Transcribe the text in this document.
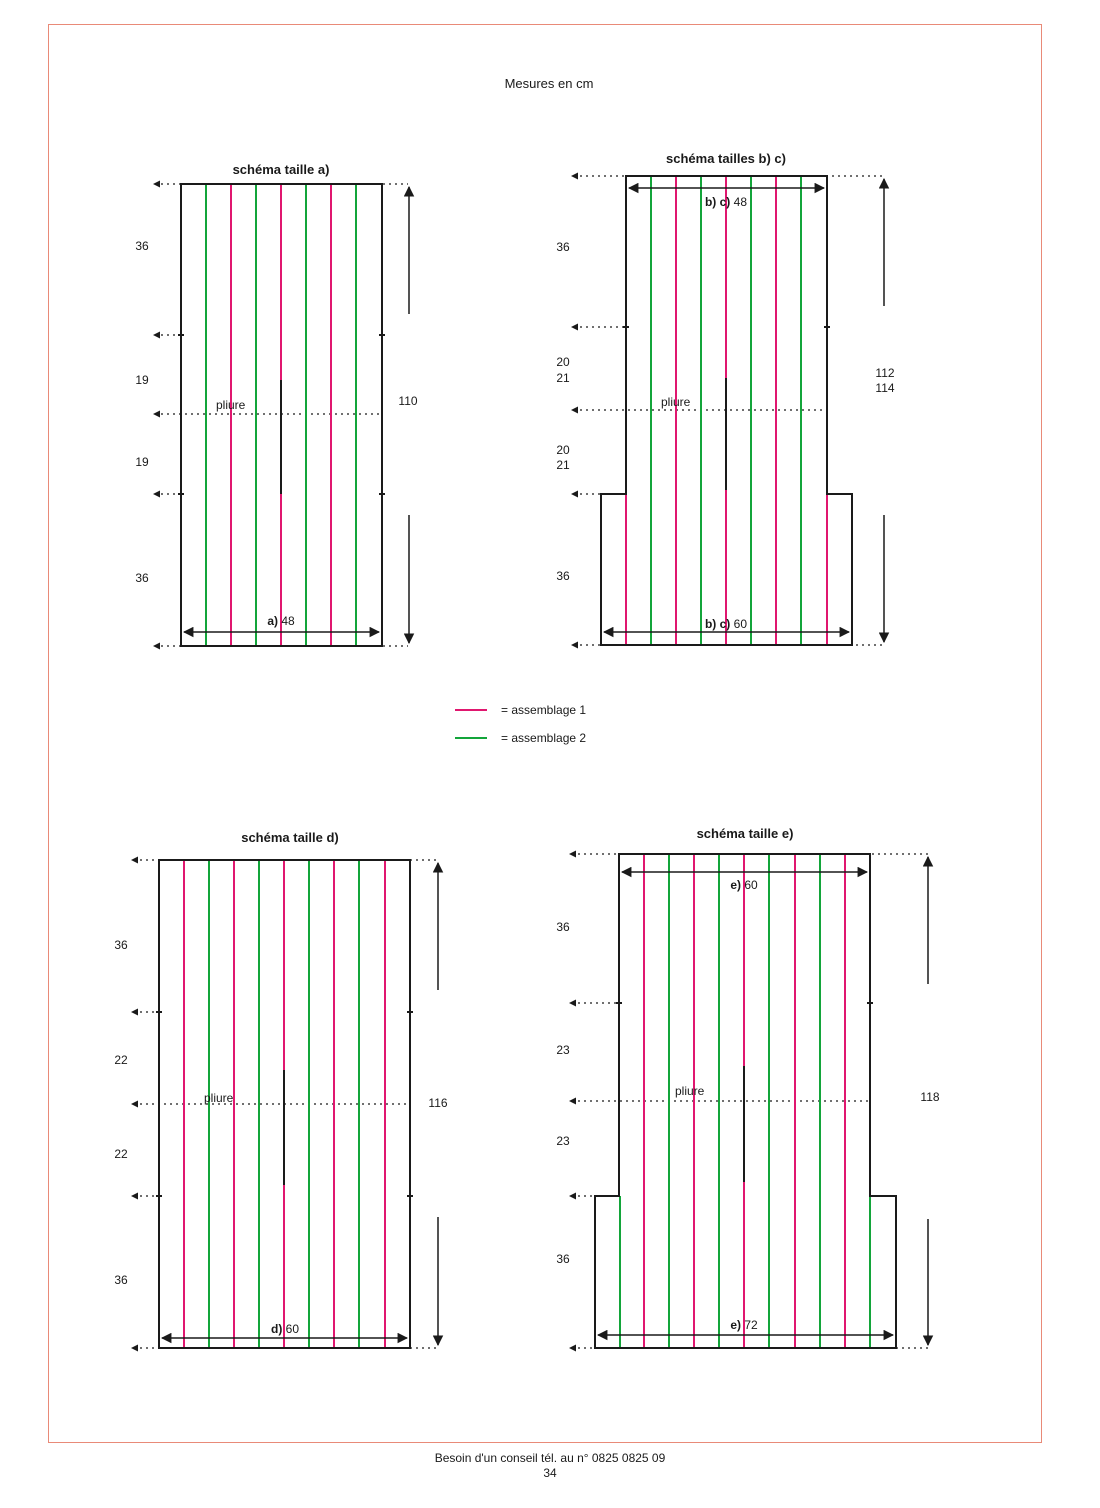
Mesures en cm
schéma taille a)
36
19
19
36
pliure	110
a) 48
schéma tailles b) c)
36
20
21
20
21
36
pliure
112
114
b) c) 48
b) c) 60
= assemblage 1
= assemblage 2
schéma taille d)
36
22
22
36
pliure	116
d) 60
schéma taille e)
36
23
23
36
pliure	118
e) 60
e) 72
Besoin d'un conseil tél. au n° 0825 0825 09
34
